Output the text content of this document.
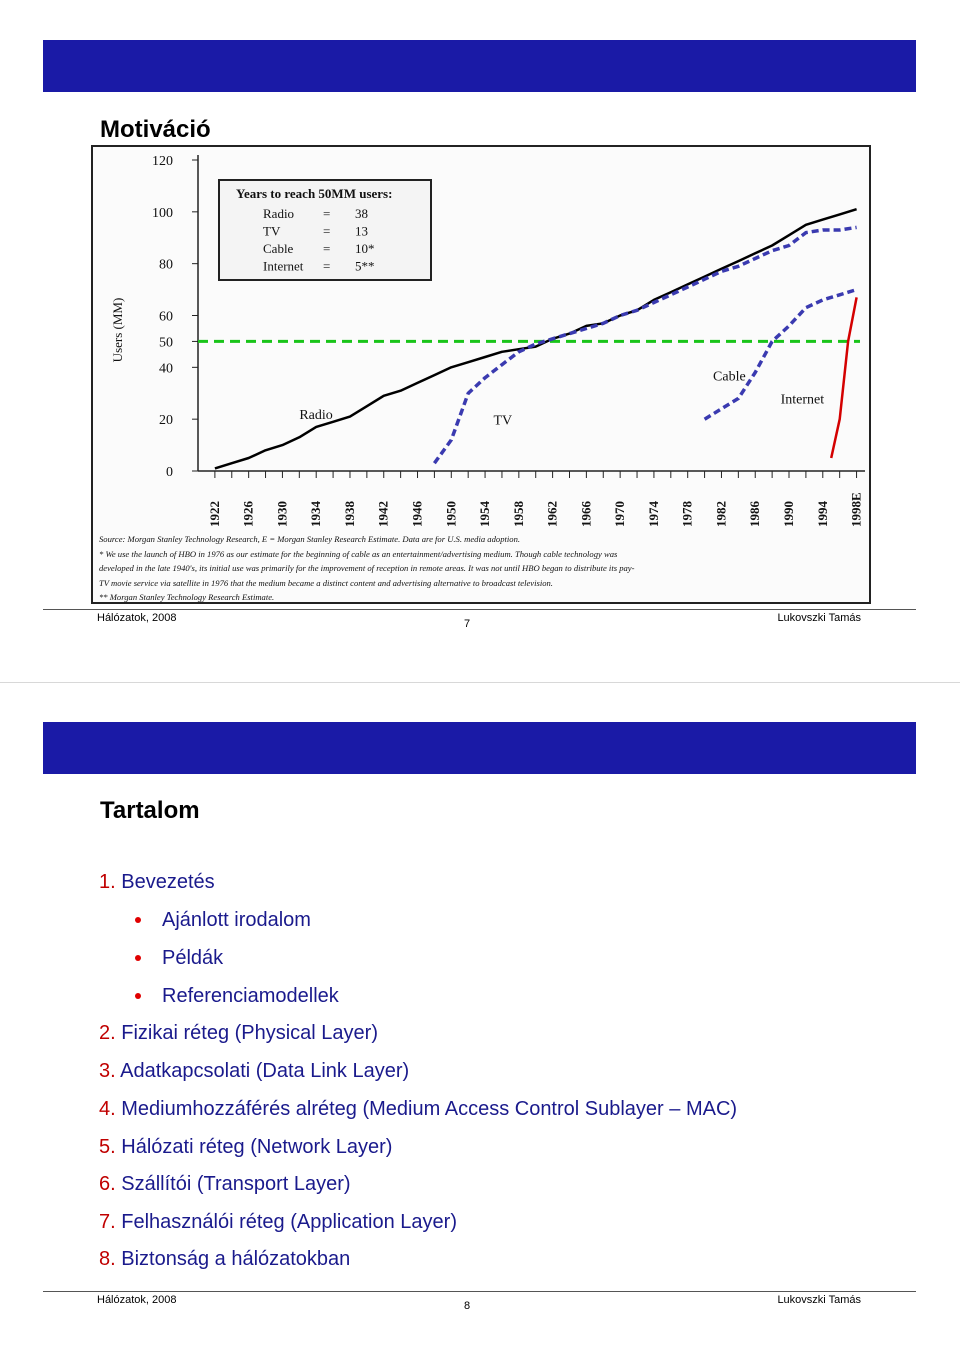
Motiváció
Users (MM)
0
20
40
50
60
80
100
120
1922 1926 1930 1934 1938 1942 1946 1950 1954 1958 1962 1966 1970 1974 1978 1982 1986 1990 1994 1998E
Radio	TV
Cable
Internet
Years to reach 50MM users:
Radio = 38
TV	= 13
Cable = 10*
Internet = 5**
Source: Morgan Stanley Technology Research, E = Morgan Stanley Research Estimate. Data are for U.S. media adoption.
* We use the launch of HBO in 1976 as our estimate for the beginning of cable as an entertainment/advertising medium. Though cable technology was
developed in the late 1940's, its initial use was primarily for the improvement of reception in remote areas. It was not until HBO began to distribute its pay-
TV movie service via satellite in 1976 that the medium became a distinct content and advertising alternative to broadcast television.
** Morgan Stanley Technology Research Estimate.
Hálózatok, 2008	7	Lukovszki Tamás
Tartalom
1. Bevezetés
Ajánlott irodalom
Példák
Referenciamodellek
2. Fizikai réteg (Physical Layer)
3. Adatkapcsolati (Data Link Layer)
4. Mediumhozzáférés alréteg (Medium Access Control Sublayer – MAC)
5. Hálózati réteg (Network Layer)
6. Szállítói (Transport Layer)
7. Felhasználói réteg (Application Layer)
8. Biztonság a hálózatokban
Hálózatok, 2008	8	Lukovszki Tamás
